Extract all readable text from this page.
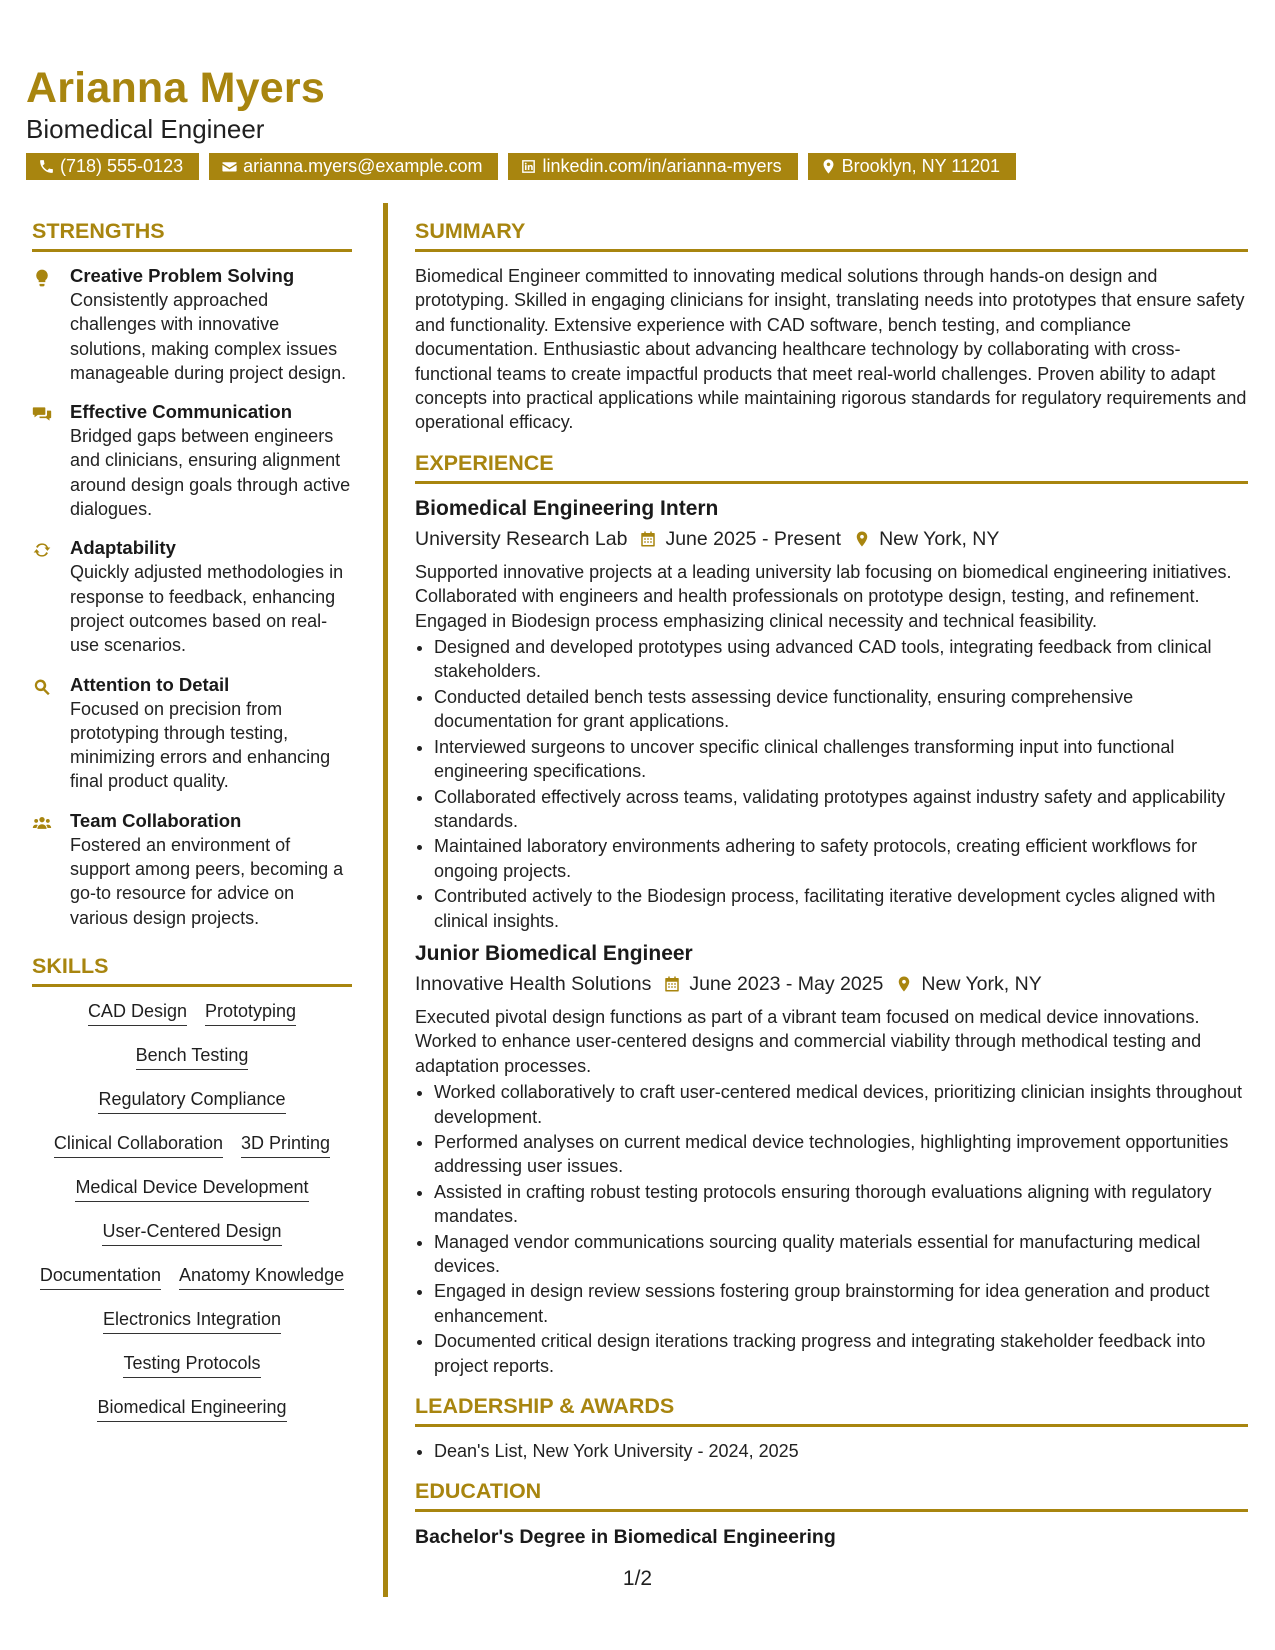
Arianna Myers
Biomedical Engineer
(718) 555-0123	arianna.myers@example.com	linkedin.com/in/arianna-myers	Brooklyn, NY 11201
STRENGTHS
Creative Problem Solving
Consistently approached challenges with innovative solutions, making complex issues manageable during project design.
Effective Communication
Bridged gaps between engineers and clinicians, ensuring alignment around design goals through active dialogues.
Adaptability
Quickly adjusted methodologies in response to feedback, enhancing project outcomes based on real-use scenarios.
Attention to Detail
Focused on precision from prototyping through testing, minimizing errors and enhancing final product quality.
Team Collaboration
Fostered an environment of support among peers, becoming a go-to resource for advice on various design projects.
SKILLS
CAD Design Prototyping
Bench Testing
Regulatory Compliance
Clinical Collaboration 3D Printing
Medical Device Development
User-Centered Design
Documentation Anatomy Knowledge
Electronics Integration
Testing Protocols
Biomedical Engineering
SUMMARY

Biomedical Engineer committed to innovating medical solutions through hands-on design and prototyping. Skilled in engaging clinicians for insight, translating needs into prototypes that ensure safety and functionality. Extensive experience with CAD software, bench testing, and compliance documentation. Enthusiastic about advancing healthcare technology by collaborating with cross-functional teams to create impactful products that meet real-world challenges. Proven ability to adapt concepts into practical applications while maintaining rigorous standards for regulatory requirements and operational efficacy.

EXPERIENCE
Biomedical Engineering Intern
University Research Lab June 2025 - Present New York, NY

Supported innovative projects at a leading university lab focusing on biomedical engineering initiatives. Collaborated with engineers and health professionals on prototype design, testing, and refinement. Engaged in Biodesign process emphasizing clinical necessity and technical feasibility.

• Designed and developed prototypes using advanced CAD tools, integrating feedback from clinical stakeholders.
• Conducted detailed bench tests assessing device functionality, ensuring comprehensive documentation for grant applications.
• Interviewed surgeons to uncover specific clinical challenges transforming input into functional engineering specifications.
• Collaborated effectively across teams, validating prototypes against industry safety and applicability standards.
• Maintained laboratory environments adhering to safety protocols, creating efficient workflows for ongoing projects.
• Contributed actively to the Biodesign process, facilitating iterative development cycles aligned with clinical insights.
Junior Biomedical Engineer
Innovative Health Solutions June 2023 - May 2025 New York, NY

Executed pivotal design functions as part of a vibrant team focused on medical device innovations. Worked to enhance user-centered designs and commercial viability through methodical testing and adaptation processes.

• Worked collaboratively to craft user-centered medical devices, prioritizing clinician insights throughout development.
• Performed analyses on current medical device technologies, highlighting improvement opportunities addressing user issues.
• Assisted in crafting robust testing protocols ensuring thorough evaluations aligning with regulatory mandates.
• Managed vendor communications sourcing quality materials essential for manufacturing medical devices.
• Engaged in design review sessions fostering group brainstorming for idea generation and product enhancement.
• Documented critical design iterations tracking progress and integrating stakeholder feedback into project reports.
LEADERSHIP & AWARDS
• Dean's List, New York University - 2024, 2025
EDUCATION
Bachelor's Degree in Biomedical Engineering
1/2
